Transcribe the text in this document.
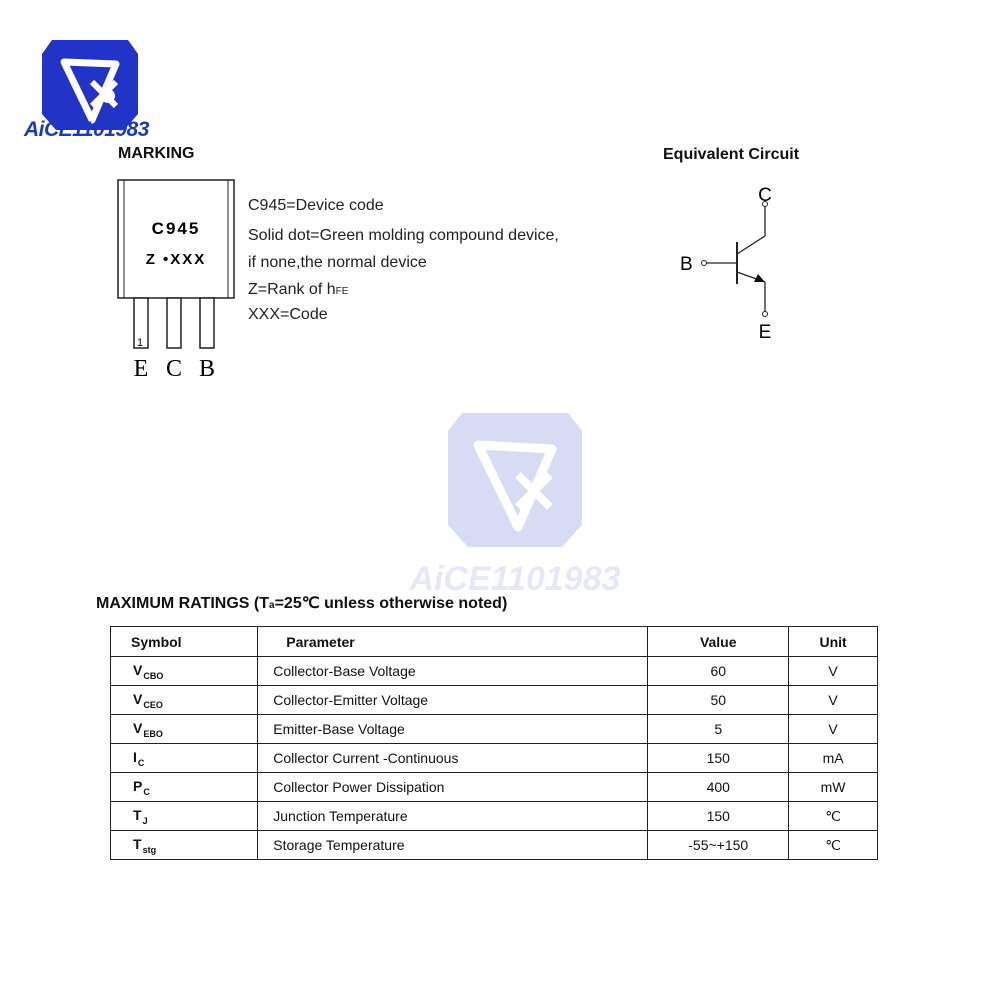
AiCE1101983
MARKING
C945
Z •XXX
1
E C B
C945=Device code
Solid dot=Green molding compound device,
if none,the normal device
Z=Rank of hFE
XXX=Code
Equivalent Circuit
C
B
E
AiCE1101983
MAXIMUM RATINGS (Ta=25℃ unless otherwise noted)
Symbol	Parameter	Value	Unit
$V_{CBO}$	Collector-Base Voltage	60	V
$V_{CEO}$	Collector-Emitter Voltage	50	V
$V_{EBO}$	Emitter-Base Voltage	5	V
$I_C$	Collector Current -Continuous	150	mA
$P_C$	Collector Power Dissipation	400	mW
$T_J$	Junction Temperature	150	℃
$T_{stg}$	Storage Temperature	-55~+150	℃
